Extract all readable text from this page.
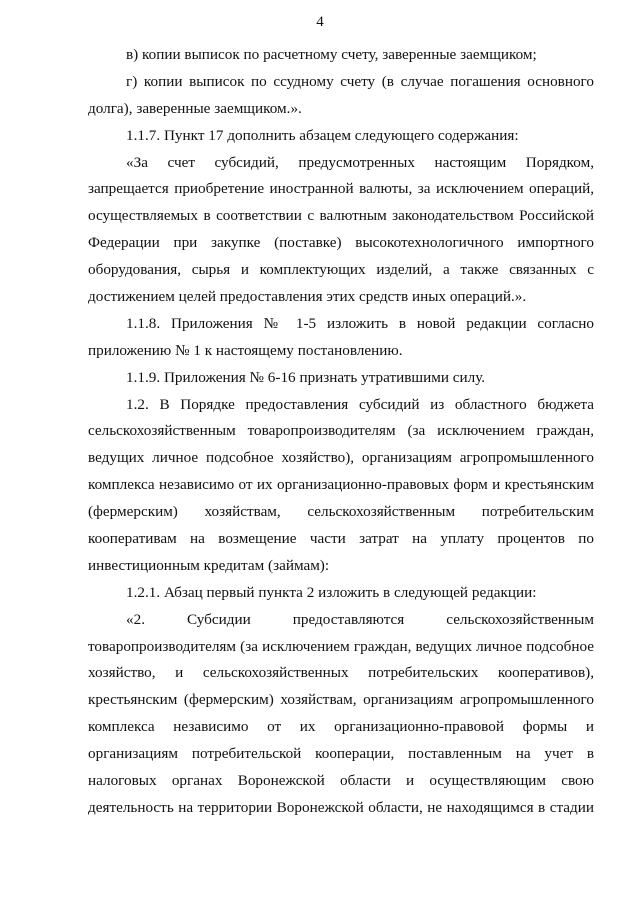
4
в) копии выписок по расчетному счету, заверенные заемщиком;
г) копии выписок по ссудному счету (в случае погашения основного
долга), заверенные заемщиком.».
1.1.7. Пункт 17 дополнить абзацем следующего содержания:
«За счет субсидий, предусмотренных настоящим Порядком,
запрещается приобретение иностранной валюты, за исключением операций,
осуществляемых в соответствии с валютным законодательством Российской
Федерации при закупке (поставке) высокотехнологичного импортного
оборудования, сырья и комплектующих изделий, а также связанных с
достижением целей предоставления этих средств иных операций.».
1.1.8. Приложения № 1-5 изложить в новой редакции согласно
приложению № 1 к настоящему постановлению.
1.1.9. Приложения № 6-16 признать утратившими силу.
1.2. В Порядке предоставления субсидий из областного бюджета
сельскохозяйственным товаропроизводителям (за исключением граждан,
ведущих личное подсобное хозяйство), организациям агропромышленного
комплекса независимо от их организационно-правовых форм и крестьянским
(фермерским) хозяйствам, сельскохозяйственным потребительским
кооперативам на возмещение части затрат на уплату процентов по
инвестиционным кредитам (займам):
1.2.1. Абзац первый пункта 2 изложить в следующей редакции:
«2. Субсидии предоставляются сельскохозяйственным
товаропроизводителям (за исключением граждан, ведущих личное подсобное
хозяйство, и сельскохозяйственных потребительских кооперативов),
крестьянским (фермерским) хозяйствам, организациям агропромышленного
комплекса независимо от их организационно-правовой формы и
организациям потребительской кооперации, поставленным на учет в
налоговых органах Воронежской области и осуществляющим свою
деятельность на территории Воронежской области, не находящимся в стадии
